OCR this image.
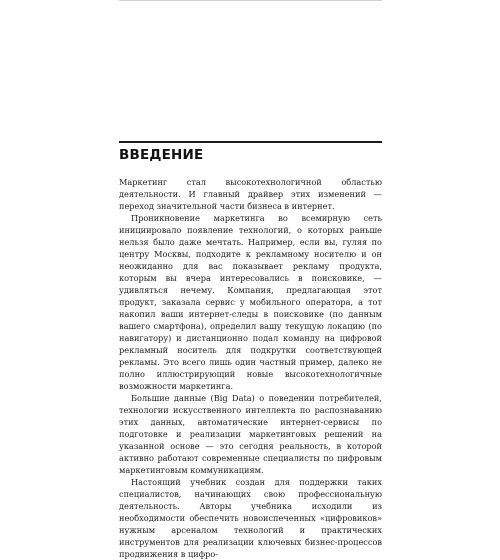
ВВЕДЕНИЕ

Маркетинг стал высокотехнологичной областью деятельности. И главный драйвер этих изменений — переход значительной части бизнеса в интернет.

Проникновение маркетинга во всемирную сеть инициировало появление технологий, о которых раньше нельзя было даже мечтать. Например, если вы, гуляя по центру Москвы, подходите к рекламному носителю и он неожиданно для вас показывает рекламу продукта, которым вы вчера интересовались в поисковике, — удивляться нечему. Компания, предлагающая этот продукт, заказала сервис у мобильного оператора, а тот накопил ваши интернет-следы в поисковике (по данным вашего смартфона), определил вашу текущую локацию (по навигатору) и дистанционно подал команду на цифровой рекламный носитель для подкрутки соответствующей рекламы. Это всего лишь один частный пример, далеко не полно иллюстрирующий новые высокотехнологичные возможности маркетинга.

Большие данные (Big Data) о поведении потребителей, технологии искусственного интеллекта по распознаванию этих данных, автоматические интернет-сервисы по подготовке и реализации маркетинговых решений на указанной основе — это сегодня реальность, в которой активно работают современные специалисты по цифровым маркетинговым коммуникациям.

Настоящий учебник создан для поддержки таких специалистов, начинающих свою профессиональную деятельность. Авторы учебника исходили из необходимости обеспечить новоиспеченных «цифровиков» нужным арсеналом технологий и практических инструментов для реализации ключевых бизнес-процессов продвижения в цифро-
